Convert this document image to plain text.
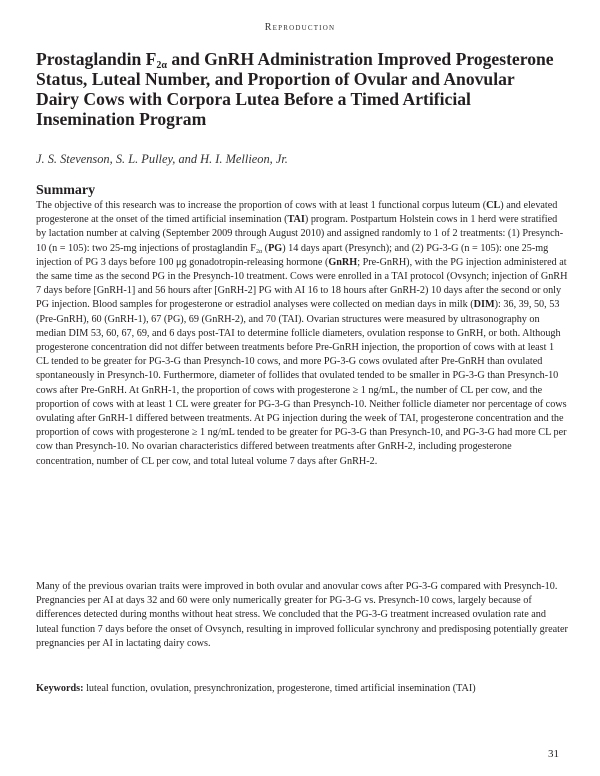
Reproduction
Prostaglandin $F_{2\alpha}$ and GnRH Administration Improved Progesterone Status, Luteal Number, and Proportion of Ovular and Anovular Dairy Cows with Corpora Lutea Before a Timed Artificial Insemination Program
J. S. Stevenson, S. L. Pulley, and H. I. Mellieon, Jr.
Summary

The objective of this research was to increase the proportion of cows with at least 1 functional corpus luteum (CL) and elevated progesterone at the onset of the timed artificial insemination (TAI) program. Postpartum Holstein cows in 1 herd were stratified by lactation number at calving (September 2009 through August 2010) and assigned randomly to 1 of 2 treatments: (1) Presynch-10 (n = 105): two 25-mg injections of prostaglandin $F_{2\alpha}$ (PG) 14 days apart (Presynch); and (2) PG-3-G (n = 105): one 25-mg injection of PG 3 days before 100 μg gonadotropin-releasing hormone (GnRH; Pre-GnRH), with the PG injection administered at the same time as the second PG in the Presynch-10 treatment. Cows were enrolled in a TAI protocol (Ovsynch; injection of GnRH 7 days before [GnRH-1] and 56 hours after [GnRH-2] PG with AI 16 to 18 hours after GnRH-2) 10 days after the second or only PG injection. Blood samples for progesterone or estradiol analyses were collected on median days in milk (DIM): 36, 39, 50, 53 (Pre-GnRH), 60 (GnRH-1), 67 (PG), 69 (GnRH-2), and 70 (TAI). Ovarian structures were measured by ultrasonography on median DIM 53, 60, 67, 69, and 6 days post-TAI to determine follicle diameters, ovulation response to GnRH, or both. Although progesterone concentration did not differ between treatments before Pre-GnRH injection, the proportion of cows with at least 1 CL tended to be greater for PG-3-G than Presynch-10 cows, and more PG-3-G cows ovulated after Pre-GnRH than ovulated spontaneously in Presynch-10. Furthermore, diameter of follides that ovulated tended to be smaller in PG-3-G than Presynch-10 cows after Pre-GnRH. At GnRH-1, the proportion of cows with progesterone ≥ 1 ng/mL, the number of CL per cow, and the proportion of cows with at least 1 CL were greater for PG-3-G than Presynch-10. Neither follicle diameter nor percentage of cows ovulating after GnRH-1 differed between treatments. At PG injection during the week of TAI, progesterone concentration and the proportion of cows with progesterone ≥ 1 ng/mL tended to be greater for PG-3-G than Presynch-10, and PG-3-G had more CL per cow than Presynch-10. No ovarian characteristics differed between treatments after GnRH-2, including progesterone concentration, number of CL per cow, and total luteal volume 7 days after GnRH-2.

Many of the previous ovarian traits were improved in both ovular and anovular cows after PG-3-G compared with Presynch-10. Pregnancies per AI at days 32 and 60 were only numerically greater for PG-3-G vs. Presynch-10 cows, largely because of differences detected during months without heat stress. We concluded that the PG-3-G treatment increased ovulation rate and luteal function 7 days before the onset of Ovsynch, resulting in improved follicular synchrony and predisposing potentially greater pregnancies per AI in lactating dairy cows.

Keywords: luteal function, ovulation, presynchronization, progesterone, timed artificial insemination (TAI)

31
